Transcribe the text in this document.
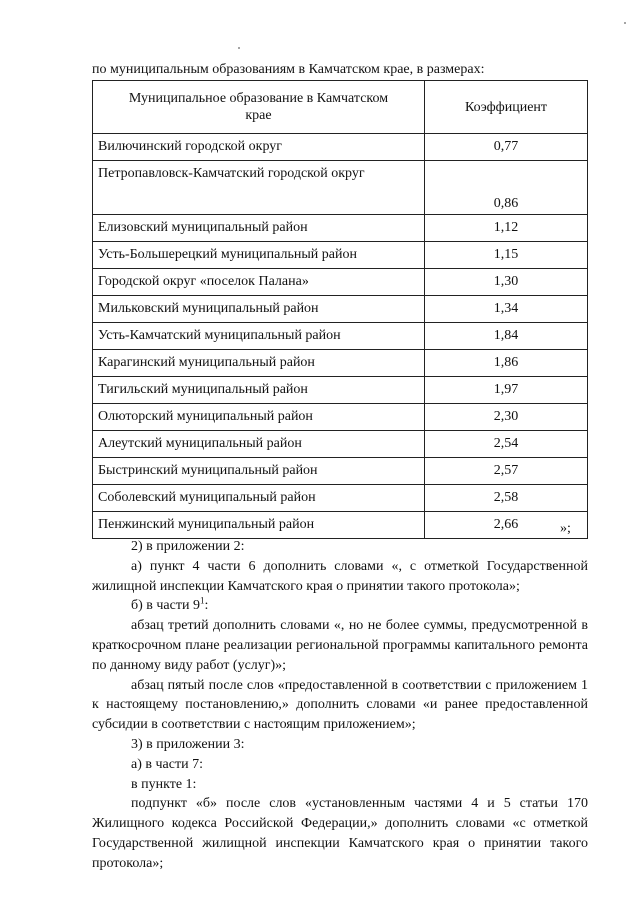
по муниципальным образованиям в Камчатском крае, в размерах:
Муниципальное образование в Камчатском крае	Коэффициент
Вилючинский городской округ	0,77
Петропавловск-Камчатский городской округ	0,86
Елизовский муниципальный район	1,12
Усть-Большерецкий муниципальный район	1,15
Городской округ «поселок Палана»	1,30
Мильковский муниципальный район	1,34
Усть-Камчатский муниципальный район	1,84
Карагинский муниципальный район	1,86
Тигильский муниципальный район	1,97
Олюторский муниципальный район	2,30
Алеутский муниципальный район	2,54
Быстринский муниципальный район	2,57
Соболевский муниципальный район	2,58
Пенжинский муниципальный район	2,66	»;

2) в приложении 2:

а) пункт 4 части 6 дополнить словами «, с отметкой Государственной жилищной инспекции Камчатского края о принятии такого протокола»;

б) в части $9^1$:

абзац третий дополнить словами «, но не более суммы, предусмотренной в краткосрочном плане реализации региональной программы капитального ремонта по данному виду работ (услуг)»;

абзац пятый после слов «предоставленной в соответствии с приложением 1 к настоящему постановлению,» дополнить словами «и ранее предоставленной субсидии в соответствии с настоящим приложением»;

3) в приложении 3:

а) в части 7:

в пункте 1:

подпункт «б» после слов «установленным частями 4 и 5 статьи 170 Жилищного кодекса Российской Федерации,» дополнить словами «с отметкой Государственной жилищной инспекции Камчатского края о принятии такого протокола»;
